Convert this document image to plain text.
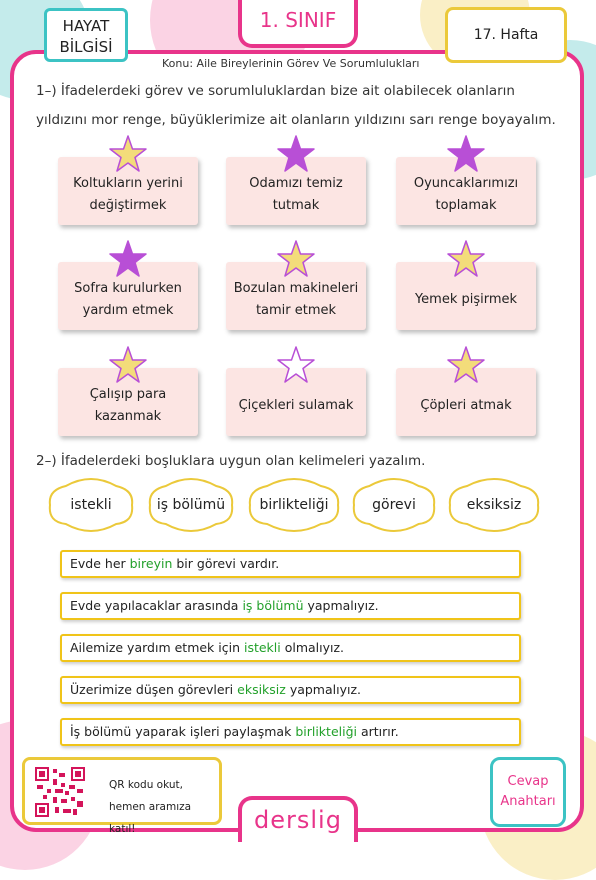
HAYAT
BİLGİSİ
1. SINIF
17. Hafta
Konu: Aile Bireylerinin Görev Ve Sorumlulukları
1–) İfadelerdeki görev ve sorumluluklardan bize ait olabilecek olanların
yıldızını mor renge, büyüklerimize ait olanların yıldızını sarı renge boyayalım.
Koltukların yerini
değiştirmek
Odamızı temiz
tutmak
Oyuncaklarımızı
toplamak
Sofra kurulurken
yardım etmek
Bozulan makineleri
tamir etmek
Yemek pişirmek
Çalışıp para
kazanmak
Çiçekleri sulamak	Çöpleri atmak
2–) İfadelerdeki boşluklara uygun olan kelimeleri yazalım.
istekli	iş bölümü birlikteliği	görevi	eksiksiz
Evde her bireyin bir görevi vardır.
Evde yapılacaklar arasında iş bölümü yapmalıyız.
Ailemize yardım etmek için istekli olmalıyız.
Üzerimize düşen görevleri eksiksiz yapmalıyız.
İş bölümü yaparak işleri paylaşmak birlikteliği artırır.
QR kodu okut,
hemen aramıza katıl!	derslig
Cevap
Anahtarı
